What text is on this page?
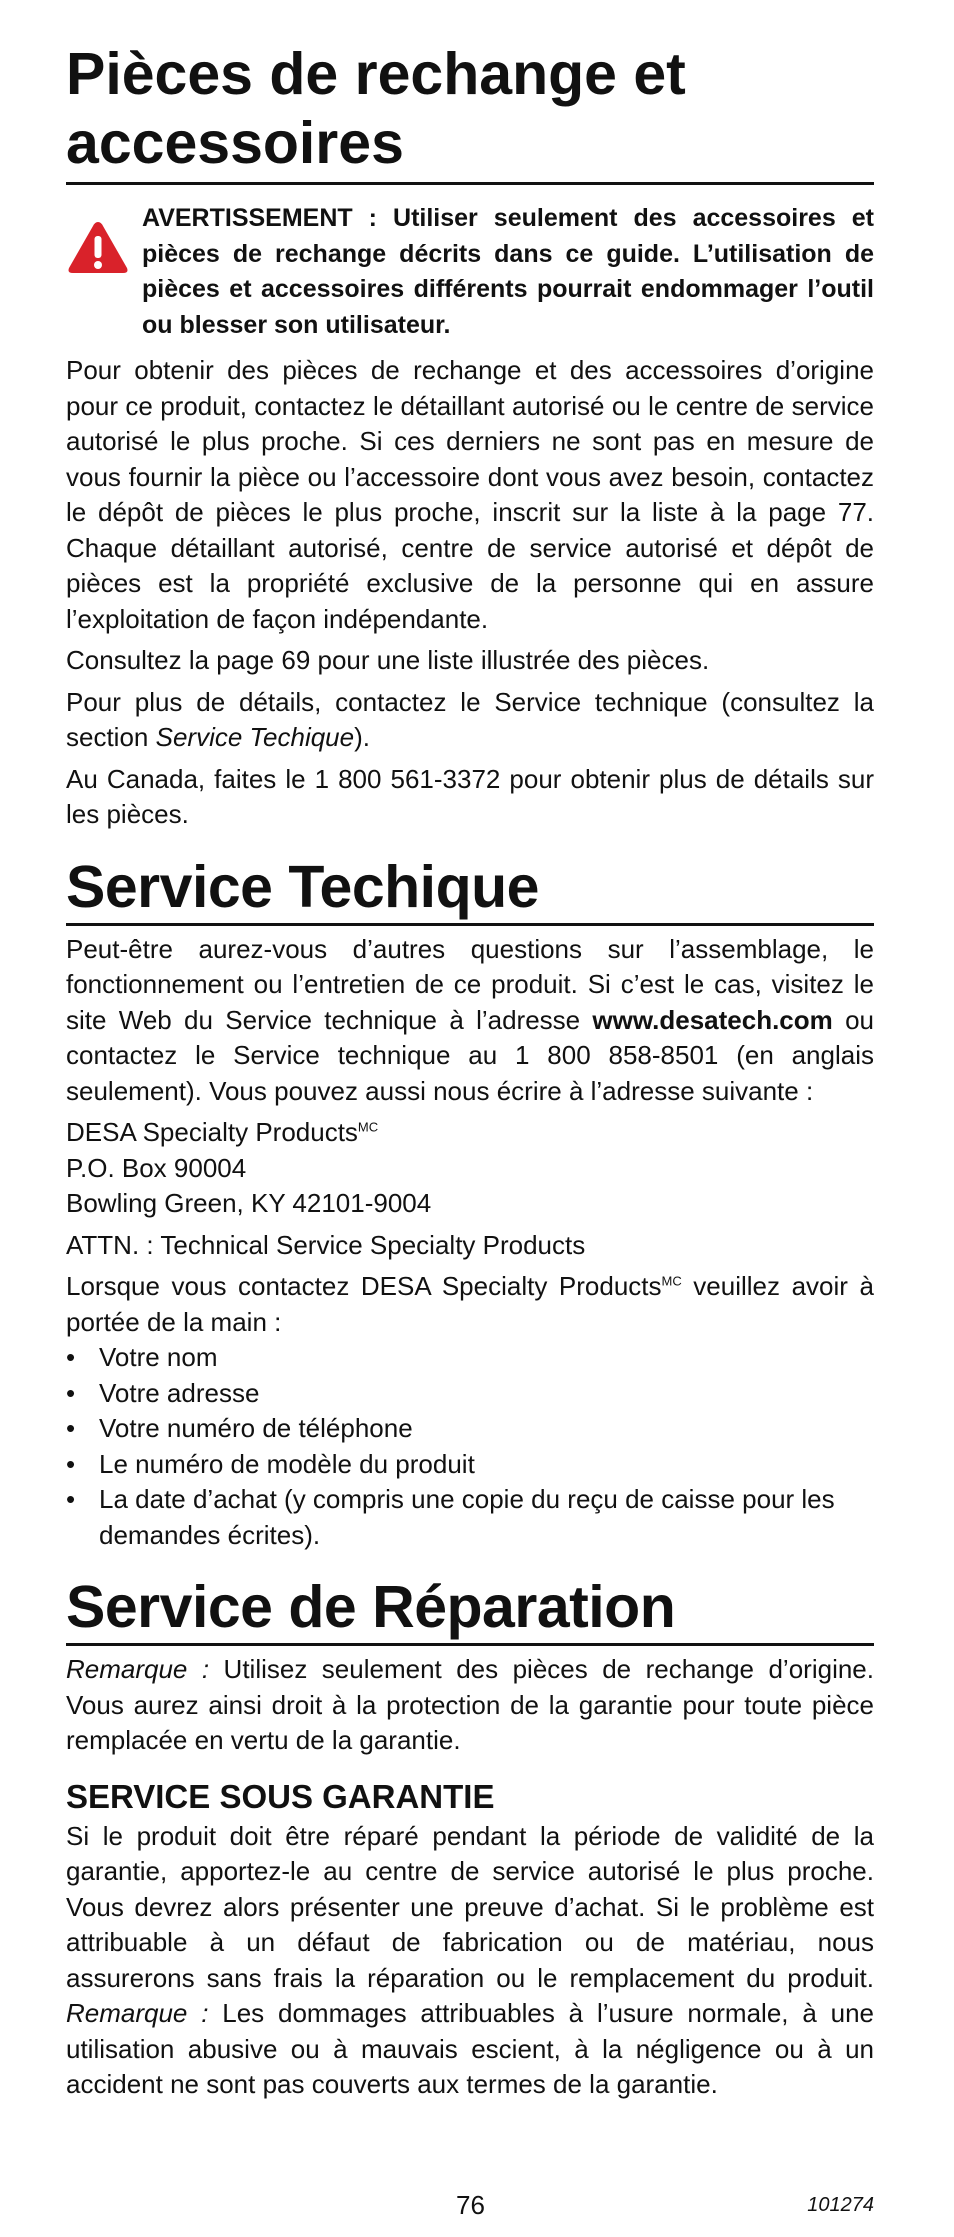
Pièces de rechange et
accessoires
AVERTISSEMENT : Utiliser seulement des accessoires et pièces de rechange décrits dans ce guide. L’utilisation de pièces et accessoires différents pourrait endommager l’outil ou blesser son utilisateur.

Pour obtenir des pièces de rechange et des accessoires d’origine pour ce produit, contactez le détaillant autorisé ou le centre de service autorisé le plus proche. Si ces derniers ne sont pas en mesure de vous fournir la pièce ou l’accessoire dont vous avez besoin, contactez le dépôt de pièces le plus proche, inscrit sur la liste à la page 77. Chaque détaillant autorisé, centre de service autorisé et dépôt de pièces est la propriété exclusive de la personne qui en assure l’exploitation de façon indépendante.

Consultez la page 69 pour une liste illustrée des pièces.

Pour plus de détails, contactez le Service technique (consultez la section Service Techique).

Au Canada, faites le 1 800 561-3372 pour obtenir plus de détails sur les pièces.

Service Techique

Peut-être aurez-vous d’autres questions sur l’assemblage, le fonctionnement ou l’entretien de ce produit. Si c’est le cas, visitez le site Web du Service technique à l’adresse www.desatech.com ou contactez le Service technique au 1 800 858-8501 (en anglais seulement). Vous pouvez aussi nous écrire à l’adresse suivante :

DESA Specialty Products$^{MC}$

P.O. Box 90004

Bowling Green, KY 42101-9004

ATTN. : Technical Service Specialty Products

Lorsque vous contactez DESA Specialty Products$^{MC}$ veuillez avoir à portée de la main :

• Votre nom
• Votre adresse
• Votre numéro de téléphone
• Le numéro de modèle du produit
• La date d’achat (y compris une copie du reçu de caisse pour les demandes écrites).
Service de Réparation

Remarque : Utilisez seulement des pièces de rechange d’origine. Vous aurez ainsi droit à la protection de la garantie pour toute pièce remplacée en vertu de la garantie.

SERVICE SOUS GARANTIE

Si le produit doit être réparé pendant la période de validité de la garantie, apportez-le au centre de service autorisé le plus proche. Vous devrez alors présenter une preuve d’achat. Si le problème est attribuable à un défaut de fabrication ou de matériau, nous assurerons sans frais la réparation ou le remplacement du produit. Remarque : Les dommages attribuables à l’usure normale, à une utilisation abusive ou à mauvais escient, à la négligence ou à un accident ne sont pas couverts aux termes de la garantie.

76	101274
